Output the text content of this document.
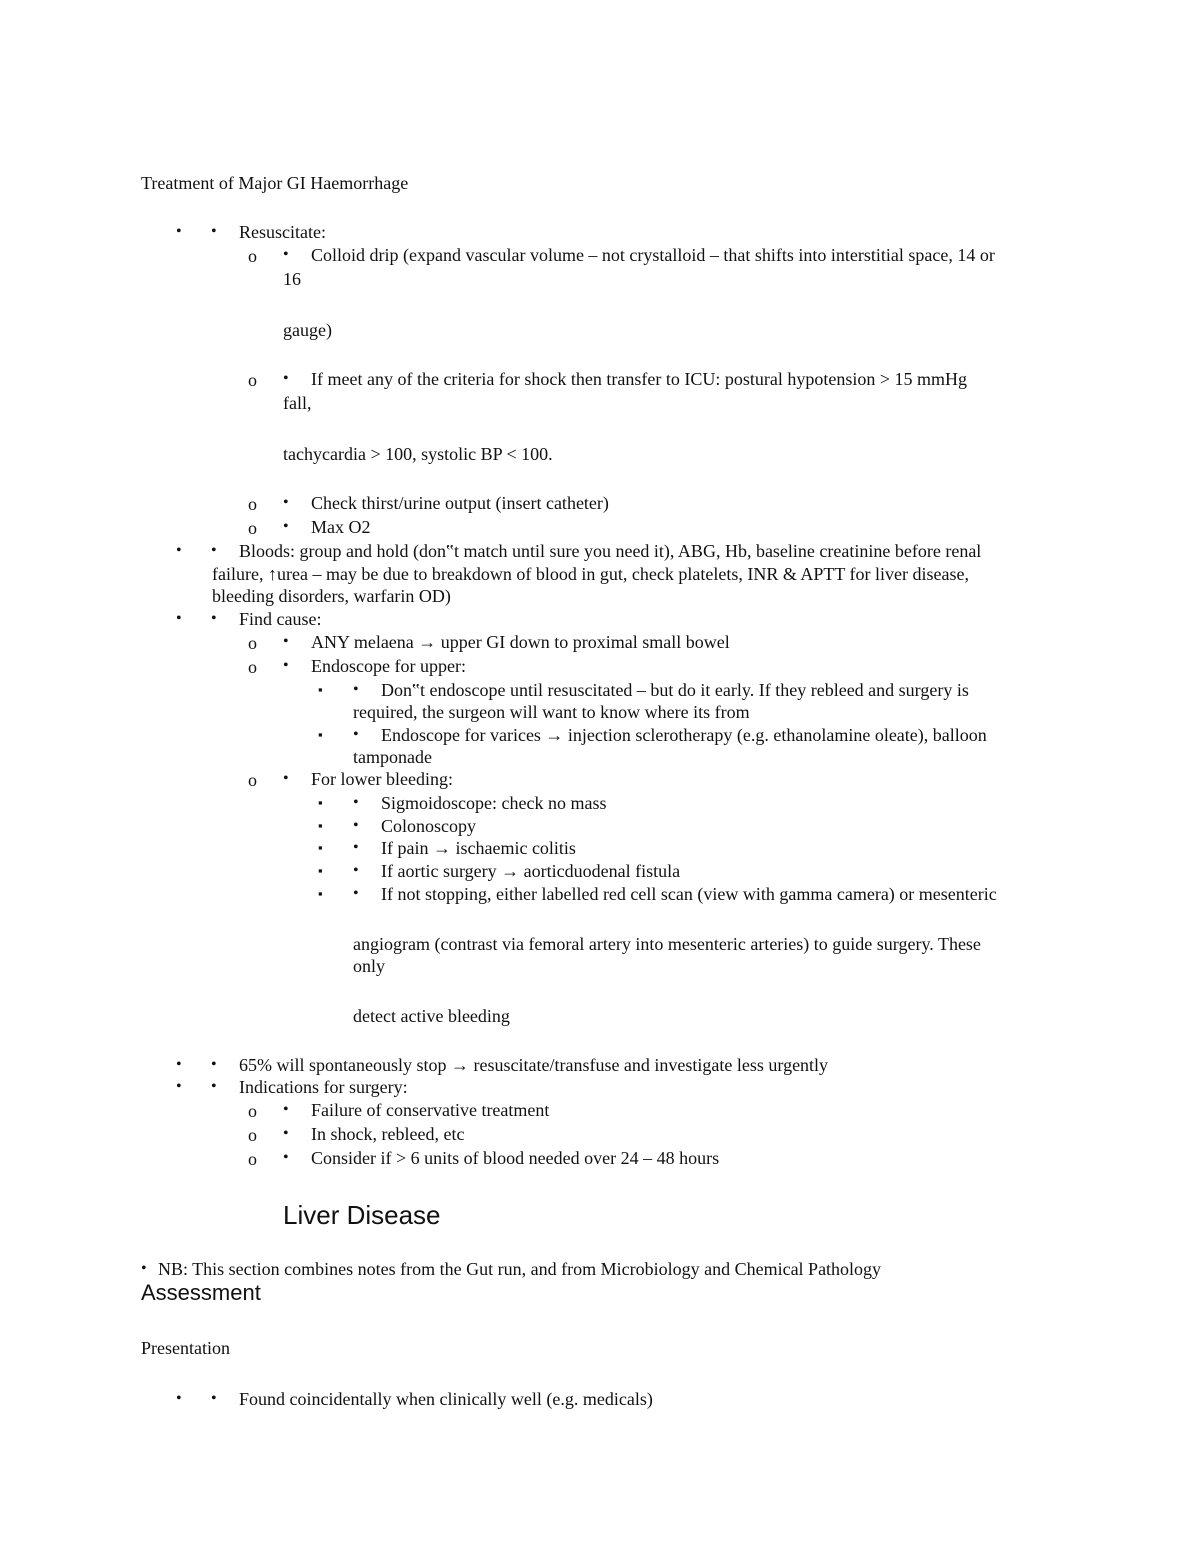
Treatment of Major GI Haemorrhage
• • Resuscitate:
o • Colloid drip (expand vascular volume – not crystalloid – that shifts into interstitial space, 14 or
16
gauge)
o • If meet any of the criteria for shock then transfer to ICU: postural hypotension > 15 mmHg
fall,
tachycardia > 100, systolic BP < 100.
o • Check thirst/urine output (insert catheter)
o • Max O2
• • Bloods: group and hold (don‟t match until sure you need it), ABG, Hb, baseline creatinine before renal
failure, ↑urea – may be due to breakdown of blood in gut, check platelets, INR & APTT for liver disease,
bleeding disorders, warfarin OD)
• • Find cause:
o • ANY melaena → upper GI down to proximal small bowel
o • Endoscope for upper:
▪ • Don‟t endoscope until resuscitated – but do it early. If they rebleed and surgery is
required, the surgeon will want to know where its from
▪ • Endoscope for varices → injection sclerotherapy (e.g. ethanolamine oleate), balloon
tamponade
o • For lower bleeding:
▪ • Sigmoidoscope: check no mass
▪ • Colonoscopy
▪ • If pain → ischaemic colitis
▪ • If aortic surgery → aorticduodenal fistula
▪ • If not stopping, either labelled red cell scan (view with gamma camera) or mesenteric
angiogram (contrast via femoral artery into mesenteric arteries) to guide surgery. These
only
detect active bleeding
• • 65% will spontaneously stop → resuscitate/transfuse and investigate less urgently
• • Indications for surgery:
o • Failure of conservative treatment
o • In shock, rebleed, etc
o • Consider if > 6 units of blood needed over 24 – 48 hours
Liver Disease
• NB: This section combines notes from the Gut run, and from Microbiology and Chemical Pathology
Assessment
Presentation
• • Found coincidentally when clinically well (e.g. medicals)
